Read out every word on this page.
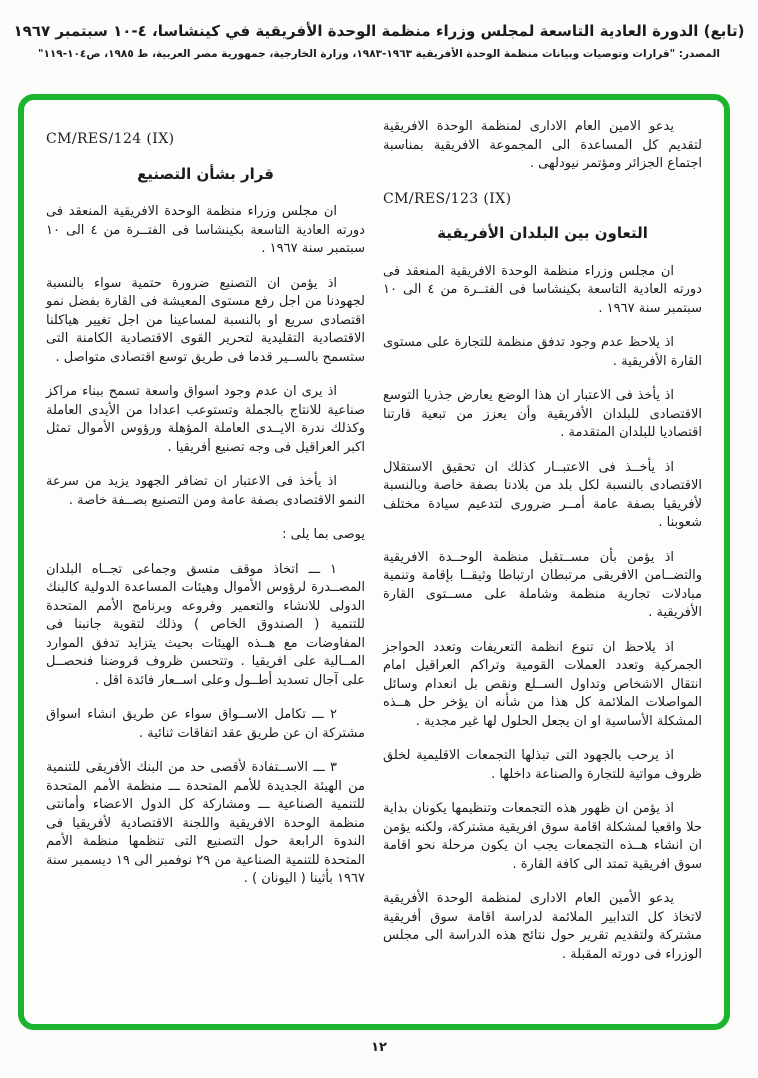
(تابع) الدورة العادية التاسعة لمجلس وزراء منظمة الوحدة الأفريقية في كينشاسا، ٤-١٠ سبتمبر ١٩٦٧
المصدر: "قرارات وتوصيات وبيانات منظمة الوحدة الأفريقية ١٩٦٣-١٩٨٣، وزارة الخارجية، جمهورية مصر العربية، ط ١٩٨٥، ص١٠٤-١١٩"

يدعو الامين العام الادارى لمنظمة الوحدة الافريقية لتقديم كل المساعدة الى المجموعة الافريقية بمناسبة اجتماع الجزائر ومؤتمر نيودلهى .

CM/RES/123 (IX)
التعاون بين البلدان الأفريقية

ان مجلس وزراء منظمة الوحدة الافريقية المنعقد فى دورته العادية التاسعة بكينشاسا فى الفتــرة من ٤ الى ١٠ سبتمبر سنة ١٩٦٧ .

اذ يلاحظ عدم وجود تدفق منظمة للتجارة على مستوى القارة الأفريقية .

اذ يأخذ فى الاعتبار ان هذا الوضع يعارض جذريا التوسع الاقتصادى للبلدان الأفريقية وأن يعزز من تبعية قارتنا اقتصاديا للبلدان المتقدمة .

اذ يأخــذ فى الاعتبــار كذلك ان تحقيق الاستقلال الاقتصادى بالنسبة لكل بلد من بلادنا بصفة خاصة وبالنسبة لأفريقيا بصفة عامة أمــر ضرورى لتدعيم سيادة مختلف شعوبنا .

اذ يؤمن بأن مســتقبل منظمة الوحــدة الافريقية والتضــامن الافريقى مرتبطان ارتباطا وثيقــا بإقامة وتنمية مبادلات تجارية منظمة وشاملة على مســتوى القارة الأفريقية .

اذ يلاحظ ان تنوع انظمة التعريفات وتعدد الحواجز الجمركية وتعدد العملات القومية وتراكم العراقيل امام انتقال الاشخاص وتداول الســلع ونقص بل انعدام وسائل المواصلات الملائمة كل هذا من شأنه ان يؤخر حل هــذه المشكلة الأساسية او ان يجعل الحلول لها غير مجدية .

اذ يرحب بالجهود التى تبذلها التجمعات الاقليمية لخلق ظروف مواتية للتجارة والصناعة داخلها .

اذ يؤمن ان ظهور هذه التجمعات وتنظيمها يكونان بداية حلا واقعيا لمشكلة اقامة سوق افريقية مشتركة، ولكنه يؤمن ان انشاء هــذه التجمعات يجب ان يكون مرحلة نحو اقامة سوق افريقية تمتد الى كافة القارة .

يدعو الأمين العام الادارى لمنظمة الوحدة الأفريقية لاتخاذ كل التدابير الملائمة لدراسة اقامة سوق أفريقية مشتركة ولتقديم تقرير حول نتائج هذه الدراسة الى مجلس الوزراء فى دورته المقبلة .

CM/RES/124 (IX)
قرار بشأن التصنيع

ان مجلس وزراء منظمة الوحدة الافريقية المنعقد فى دورته العادية التاسعة بكينشاسا فى الفتــرة من ٤ الى ١٠ سبتمبر سنة ١٩٦٧ .

اذ يؤمن ان التصنيع ضرورة حتمية سواء بالنسبة لجهودنا من اجل رفع مستوى المعيشة فى القارة بفضل نمو اقتصادى سريع او بالنسبة لمساعينا من اجل تغيير هياكلنا الاقتصادية التقليدية لتحرير القوى الاقتصادية الكامنة التى ستسمح بالســير قدما فى طريق توسع اقتصادى متواصل .

اذ يرى ان عدم وجود اسواق واسعة تسمح ببناء مراكز صناعية للانتاج بالجملة وتستوعب اعدادا من الأيدى العاملة وكذلك ندرة الايــدى العاملة المؤهلة ورؤوس الأموال تمثل اكبر العراقيل فى وجه تصنيع أفريقيا .

اذ يأخذ فى الاعتبار ان تضافر الجهود يزيد من سرعة النمو الاقتصادى بصفة عامة ومن التصنيع بصــفة خاصة .

يوصى بما يلى :

١ ـــ اتخاذ موقف منسق وجماعى تجــاه البلدان المصــدرة لرؤوس الأموال وهيئات المساعدة الدولية كالبنك الدولى للانشاء والتعمير وفروعه وبرنامج الأمم المتحدة للتنمية ( الصندوق الخاص ) وذلك لتقوية جانبنا فى المفاوضات مع هــذه الهيئات بحيث يتزايد تدفق الموارد المــالية على افريقيا . وتتحسن ظروف قروضنا فنحصــل على آجال تسديد أطــول وعلى اســعار فائدة اقل .

٢ ـــ تكامل الاســواق سواء عن طريق انشاء اسواق مشتركة ان عن طريق عقد اتفاقات ثنائية .

٣ ـــ الاســتفادة لأقصى حد من البنك الأفريقى للتنمية من الهيئة الجديدة للأمم المتحدة ـــ منظمة الأمم المتحدة للتنمية الصناعية ـــ ومشاركة كل الدول الاعضاء وأمانتى منظمة الوحدة الافريقية واللجنة الاقتصادية لأفريقيا فى الندوة الرابعة حول التصنيع التى تنظمها منظمة الأمم المتحدة للتنمية الصناعية من ٢٩ نوفمبر الى ١٩ ديسمبر سنة ١٩٦٧ بأثينا ( اليونان ) .

١٢
